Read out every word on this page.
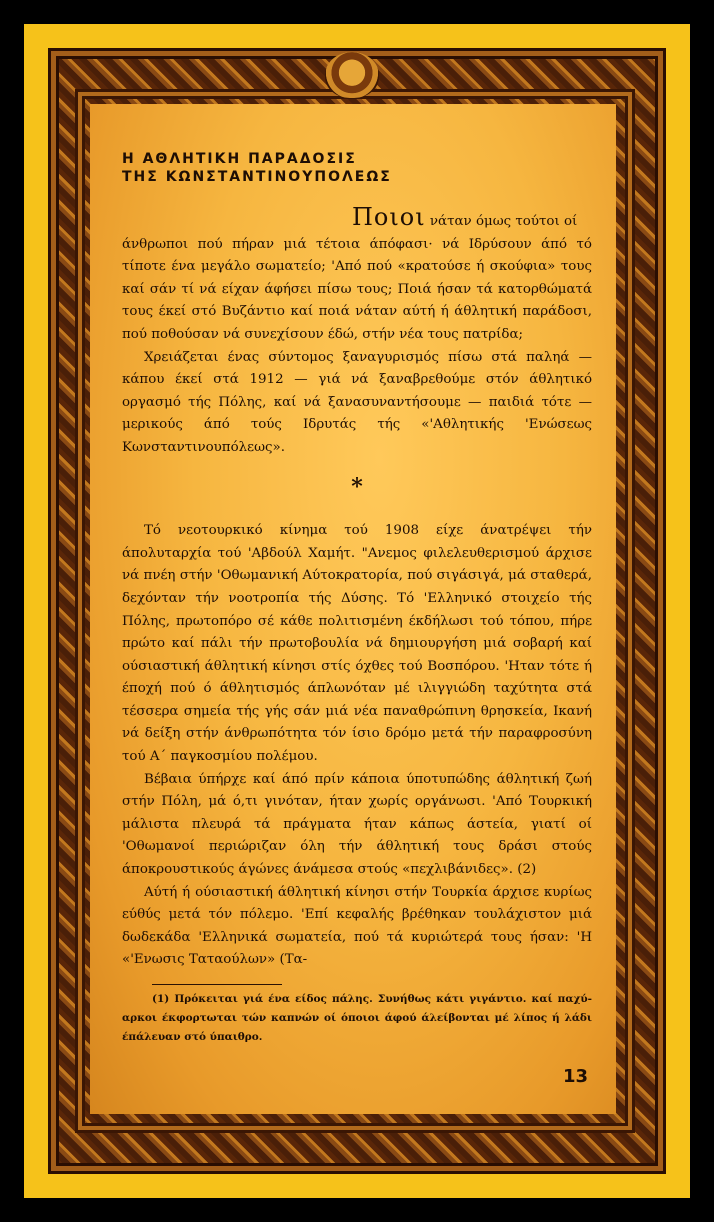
Η ΑΘΛΗΤΙΚΗ ΠΑΡΑΔΟΣΙΣ
ΤΗΣ ΚΩΝΣΤΑΝΤΙΝΟΥΠΟΛΕΩΣ

Ποιοι νάταν όμως τούτοι οί

άνθρωποι πού πήραν μιά τέτοια άπόφασι· νά Ιδρύσουν άπό τό τίποτε ένα μεγάλο σωματείο; 'Από πού «κρατούσε ή σκούφια» τους καί σάν τί νά είχαν άφήσει πίσω τους; Ποιά ήσαν τά κατορθώματά τους έκεί στό Βυζάντιο καί ποιά νάταν αύτή ή άθλητική παράδοσι, πού ποθούσαν νά συνεχίσουν έδώ, στήν νέα τους πατρίδα;

Χρειάζεται ένας σύντομος ξαναγυρισμός πίσω στά παληά — κάπου έκεί στά 1912 — γιά νά ξαναβρεθούμε στόν άθλητικό οργασμό τής Πόλης, καί νά ξανασυναντήσουμε — παιδιά τότε — μερικούς άπό τούς Ιδρυτάς τής «'Αθλητικής 'Ενώσεως Κωνσταντινουπόλεως».

*

Τό νεοτουρκικό κίνημα τού 1908 είχε άνατρέψει τήν άπολυταρχία τού 'Αβδούλ Χαμήτ. "Ανεμος φιλελευθερισμού άρχισε νά πνέη στήν 'Οθωμανική Αύτοκρατορία, πού σιγάσιγά, μά σταθερά, δεχόνταν τήν νοοτροπία τής Δύσης. Τό 'Ελληνικό στοιχείο τής Πόλης, πρωτοπόρο σέ κάθε πολιτισμένη έκδήλωσι τού τόπου, πήρε πρώτο καί πάλι τήν πρωτοβουλία νά δημιουργήση μιά σοβαρή καί ούσιαστική άθλητική κίνησι στίς όχθες τού Βοσπόρου. 'Ηταν τότε ή έποχή πού ό άθλητισμός άπλωνόταν μέ ιλιγγιώδη ταχύτητα στά τέσσερα σημεία τής γής σάν μιά νέα παναθρώπινη θρησκεία, Ικανή νά δείξη στήν άνθρωπότητα τόν ίσιο δρόμο μετά τήν παραφροσύνη τού Α΄ παγκοσμίου πολέμου.

Βέβαια ύπήρχε καί άπό πρίν κάποια ύποτυπώδης άθλητική ζωή στήν Πόλη, μά ό,τι γινόταν, ήταν χωρίς οργάνωσι. 'Από Τουρκική μάλιστα πλευρά τά πράγματα ήταν κάπως άστεία, γιατί οί 'Οθωμανοί περιώριζαν όλη τήν άθλητική τους δράσι στούς άποκρουστικούς άγώνες άνάμεσα στούς «πεχλιβάνιδες». (2)

Αύτή ή ούσιαστική άθλητική κίνησι στήν Τουρκία άρχισε κυρίως εύθύς μετά τόν πόλεμο. 'Επί κεφαλής βρέθηκαν τουλάχιστον μιά δωδεκάδα 'Ελληνικά σωματεία, πού τά κυριώτερά τους ήσαν: 'Η «'Ενωσις Ταταούλων» (Τα-

(1) Πρόκειται γιά ένα είδος πάλης. Συνήθως κάτι γιγάντιο. καί παχύ-αρκοι έκφορτωται τών καπνών οί όποιοι άφού άλείβονται μέ λίπος ή λάδι έπάλευαν στό ύπαιθρο.

13
